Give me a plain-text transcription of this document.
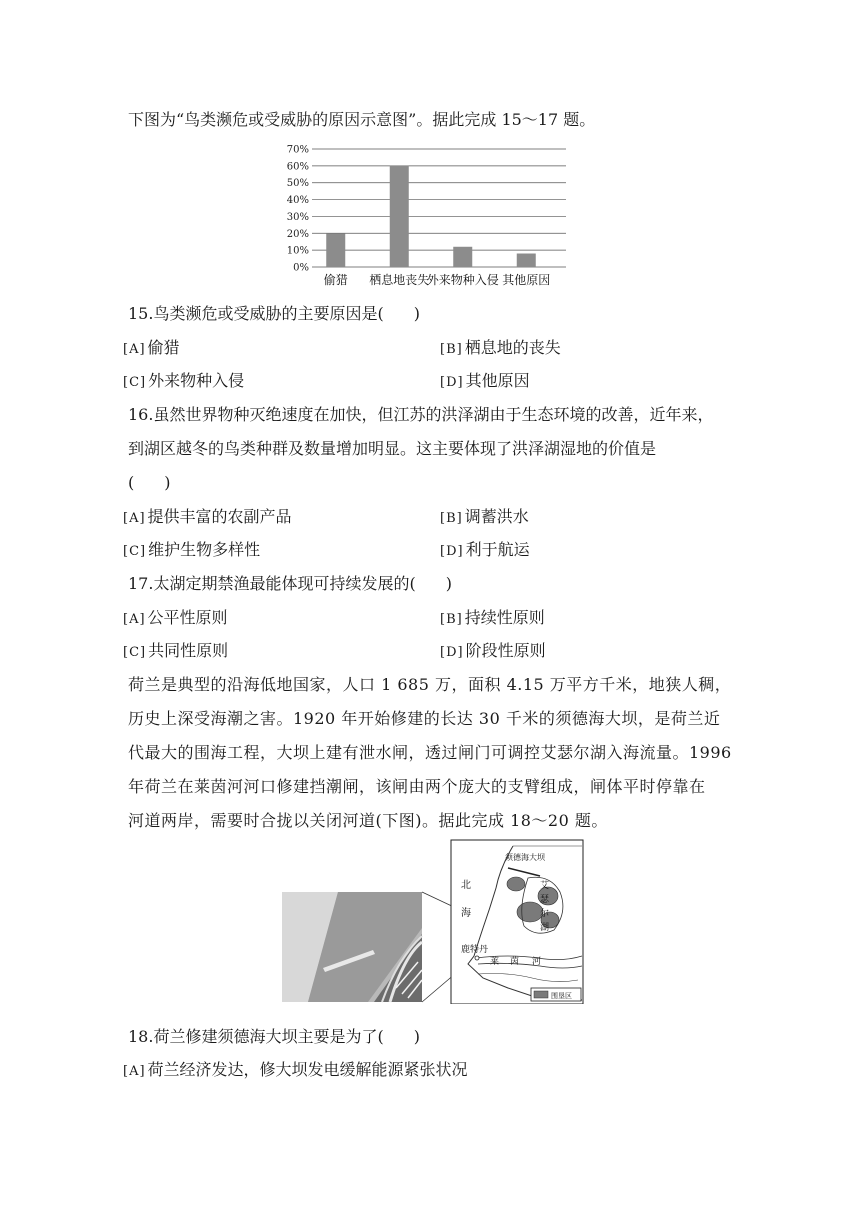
下图为“鸟类濒危或受威胁的原因示意图”。据此完成 15～17 题。
0%
10%
20%
30%
40%
50%
60%
70%
偷猎 栖息地丧失
外来物种入侵 其他原因
15.鸟类濒危或受威胁的主要原因是( )
[A] 偷猎	[B] 栖息地的丧失
[C] 外来物种入侵	[D] 其他原因
16.虽然世界物种灭绝速度在加快，但江苏的洪泽湖由于生态环境的改善，近年来，
到湖区越冬的鸟类种群及数量增加明显。这主要体现了洪泽湖湿地的价值是
( )
[A] 提供丰富的农副产品	[B] 调蓄洪水
[C] 维护生物多样性	[D] 利于航运
17.太湖定期禁渔最能体现可持续发展的( )
[A] 公平性原则	[B] 持续性原则
[C] 共同性原则	[D] 阶段性原则
荷兰是典型的沿海低地国家，人口 1 685 万，面积 4.15 万平方千米，地狭人稠，
历史上深受海潮之害。1920 年开始修建的长达 30 千米的须德海大坝，是荷兰近
代最大的围海工程，大坝上建有泄水闸，透过闸门可调控艾瑟尔湖入海流量。1996
年荷兰在莱茵河河口修建挡潮闸，该闸由两个庞大的支臂组成，闸体平时停靠在
河道两岸，需要时合拢以关闭河道(下图)。据此完成 18～20 题。
须德海大坝
北
海
艾
瑟
尔
湖
鹿特丹
莱 茵 河
围垦区
18.荷兰修建须德海大坝主要是为了( )
[A] 荷兰经济发达，修大坝发电缓解能源紧张状况
